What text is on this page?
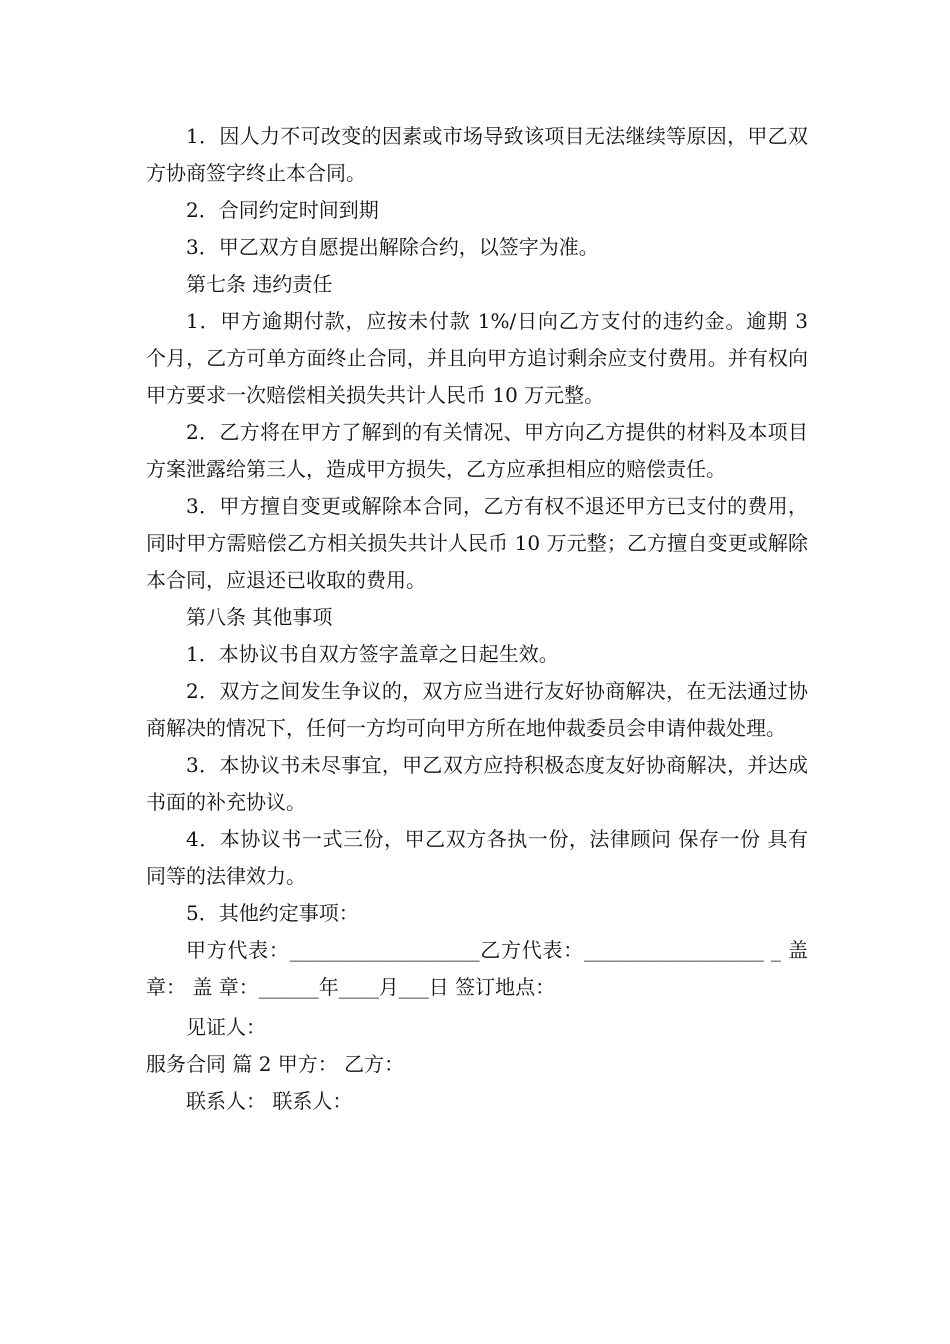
1．因人力不可改变的因素或市场导致该项目无法继续等原因，甲乙双方协商签字终止本合同。

2．合同约定时间到期

3．甲乙双方自愿提出解除合约，以签字为准。

第七条 违约责任

1．甲方逾期付款，应按未付款 1%/日向乙方支付的违约金。逾期 3 个月，乙方可单方面终止合同，并且向甲方追讨剩余应支付费用。并有权向甲方要求一次赔偿相关损失共计人民币 10 万元整。

2．乙方将在甲方了解到的有关情况、甲方向乙方提供的材料及本项目方案泄露给第三人，造成甲方损失，乙方应承担相应的赔偿责任。

3．甲方擅自变更或解除本合同，乙方有权不退还甲方已支付的费用，同时甲方需赔偿乙方相关损失共计人民币 10 万元整；乙方擅自变更或解除本合同，应退还已收取的费用。

第八条 其他事项

1．本协议书自双方签字盖章之日起生效。

2．双方之间发生争议的，双方应当进行友好协商解决，在无法通过协商解决的情况下，任何一方均可向甲方所在地仲裁委员会申请仲裁处理。

3．本协议书未尽事宜，甲乙双方应持积极态度友好协商解决，并达成书面的补充协议。

4．本协议书一式三份，甲乙双方各执一份，法律顾问 保存一份 具有同等的法律效力。

5．其他约定事项：

甲方代表：___________________乙方代表：__________________ _ 盖 章： 盖 章：______年____月___日 签订地点：

见证人：

服务合同 篇 2 甲方： 乙方：

联系人： 联系人：
